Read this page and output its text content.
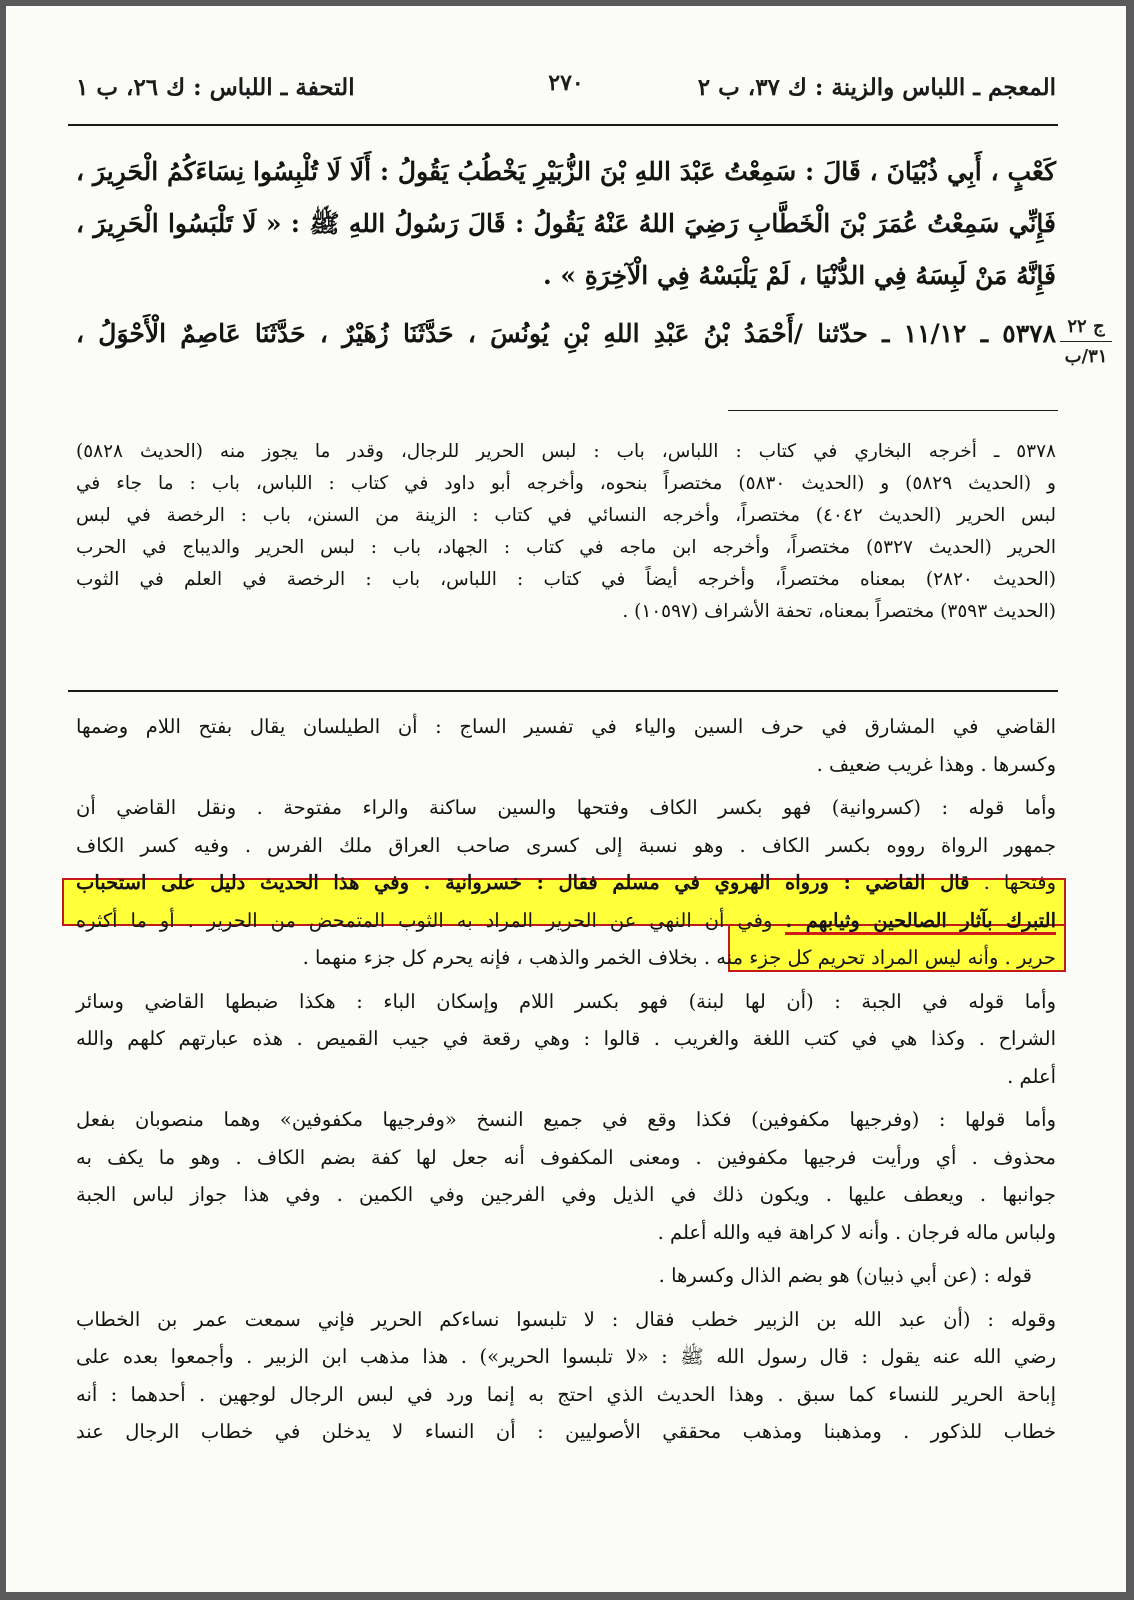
المعجم ـ اللباس والزينة : ك ٣٧، ب ٢
٢٧٠
التحفة ـ اللباس : ك ٢٦، ب ١

كَعْبٍ ، أَبِي ذُبْيَانَ ، قَالَ : سَمِعْتُ عَبْدَ اللهِ بْنَ الزُّبَيْرِ يَخْطُبُ يَقُولُ : أَلَا لَا تُلْبِسُوا نِسَاءَكُمُ الْحَرِيرَ ،

فَإِنِّي سَمِعْتُ عُمَرَ بْنَ الْخَطَّابِ رَضِيَ اللهُ عَنْهُ يَقُولُ : قَالَ رَسُولُ اللهِ ﷺ : « لَا تَلْبَسُوا الْحَرِيرَ ،

فَإِنَّهُ مَنْ لَبِسَهُ فِي الدُّنْيَا ، لَمْ يَلْبَسْهُ فِي الْآخِرَةِ » .

٥٣٧٨ ـ ١١/١٢ ـ حدّثنا /أَحْمَدُ بْنُ عَبْدِ اللهِ بْنِ يُونُسَ ، حَدَّثَنَا زُهَيْرٌ ، حَدَّثَنَا عَاصِمٌ الْأَحْوَلُ ، ج ٢٢
٣١/ب

٥٣٧٨ ـ أخرجه البخاري في كتاب : اللباس، باب : لبس الحرير للرجال، وقدر ما يجوز منه (الحديث ٥٨٢٨)

و (الحديث ٥٨٢٩) و (الحديث ٥٨٣٠) مختصراً بنحوه، وأخرجه أبو داود في كتاب : اللباس، باب : ما جاء في

لبس الحرير (الحديث ٤٠٤٢) مختصراً، وأخرجه النسائي في كتاب : الزينة من السنن، باب : الرخصة في لبس

الحرير (الحديث ٥٣٢٧) مختصراً، وأخرجه ابن ماجه في كتاب : الجهاد، باب : لبس الحرير والديباج في الحرب

(الحديث ٢٨٢٠) بمعناه مختصراً، وأخرجه أيضاً في كتاب : اللباس، باب : الرخصة في العلم في الثوب

(الحديث ٣٥٩٣) مختصراً بمعناه، تحفة الأشراف (١٠٥٩٧) .

القاضي في المشارق في حرف السين والياء في تفسير الساج : أن الطيلسان يقال بفتح اللام وضمها

وكسرها . وهذا غريب ضعيف .

وأما قوله : (كسروانية) فهو بكسر الكاف وفتحها والسين ساكنة والراء مفتوحة . ونقل القاضي أن

جمهور الرواة رووه بكسر الكاف . وهو نسبة إلى كسرى صاحب العراق ملك الفرس . وفيه كسر الكاف

وفتحها . قال القاضي : ورواه الهروي في مسلم فقال : خسروانية . وفي هذا الحديث دليل على استحباب

التبرك بآثار الصالحين وثيابهم . وفي أن النهي عن الحرير المراد به الثوب المتمحض من الحرير . أو ما أكثره

حرير . وأنه ليس المراد تحريم كل جزء منه . بخلاف الخمر والذهب ، فإنه يحرم كل جزء منهما .

وأما قوله في الجبة : (أن لها لبنة) فهو بكسر اللام وإسكان الباء : هكذا ضبطها القاضي وسائر

الشراح . وكذا هي في كتب اللغة والغريب . قالوا : وهي رقعة في جيب القميص . هذه عبارتهم كلهم والله

أعلم .

وأما قولها : (وفرجيها مكفوفين) فكذا وقع في جميع النسخ «وفرجيها مكفوفين» وهما منصوبان بفعل

محذوف . أي ورأيت فرجيها مكفوفين . ومعنى المكفوف أنه جعل لها كفة بضم الكاف . وهو ما يكف به

جوانبها . ويعطف عليها . ويكون ذلك في الذيل وفي الفرجين وفي الكمين . وفي هذا جواز لباس الجبة

ولباس ماله فرجان . وأنه لا كراهة فيه والله أعلم .

قوله : (عن أبي ذبيان) هو بضم الذال وكسرها .

وقوله : (أن عبد الله بن الزبير خطب فقال : لا تلبسوا نساءكم الحرير فإني سمعت عمر بن الخطاب

رضي الله عنه يقول : قال رسول الله ﷺ : «لا تلبسوا الحرير») . هذا مذهب ابن الزبير . وأجمعوا بعده على

إباحة الحرير للنساء كما سبق . وهذا الحديث الذي احتج به إنما ورد في لبس الرجال لوجهين . أحدهما : أنه

خطاب للذكور . ومذهبنا ومذهب محققي الأصوليين : أن النساء لا يدخلن في خطاب الرجال عند
